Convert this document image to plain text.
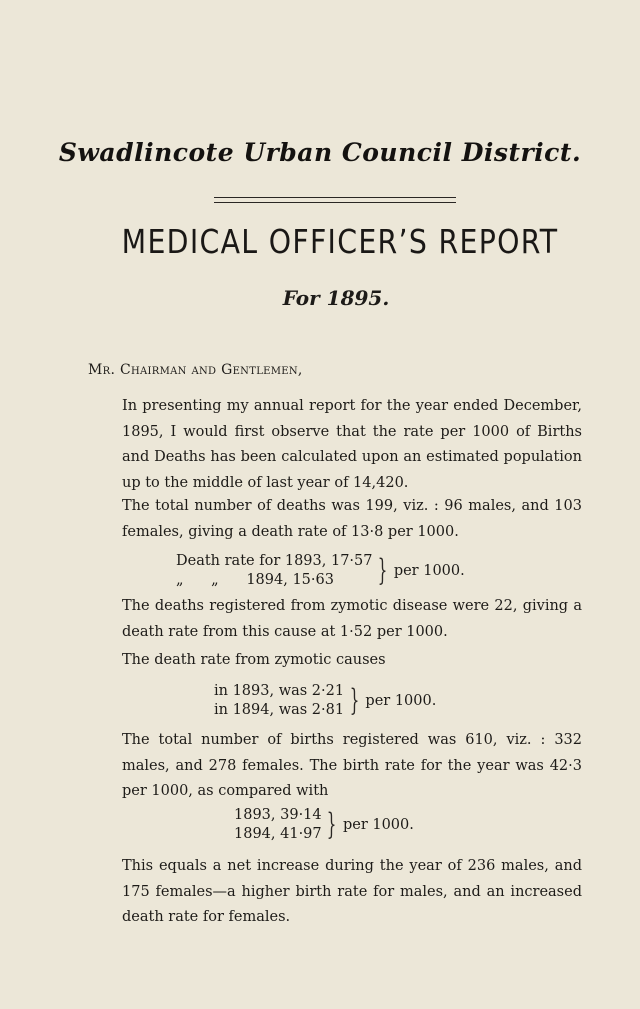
Swadlincote Urban Council District.
MEDICAL OFFICER’S REPORT
For 1895.
Mr. Chairman and Gentlemen,
In presenting my annual report for the year ended December, 1895, I would first observe that the rate per 1000 of Births and Deaths has been calculated upon an estimated population up to the middle of last year of 14,420.
The total number of deaths was 199, viz. : 96 males, and 103 females, giving a death rate of 13·8 per 1000.
Death rate for 1893, 17·57
„      „      1894, 15·63 } per 1000.
The deaths registered from zymotic disease were 22, giving a death rate from this cause at 1·52 per 1000.
The death rate from zymotic causes
in 1893, was 2·21
in 1894, was 2·81 } per 1000.
The total number of births registered was 610, viz. : 332 males, and 278 females. The birth rate for the year was 42·3 per 1000, as compared with
1893, 39·14
1894, 41·97 } per 1000.
This equals a net increase during the year of 236 males, and 175 females—a higher birth rate for males, and an increased death rate for females.
